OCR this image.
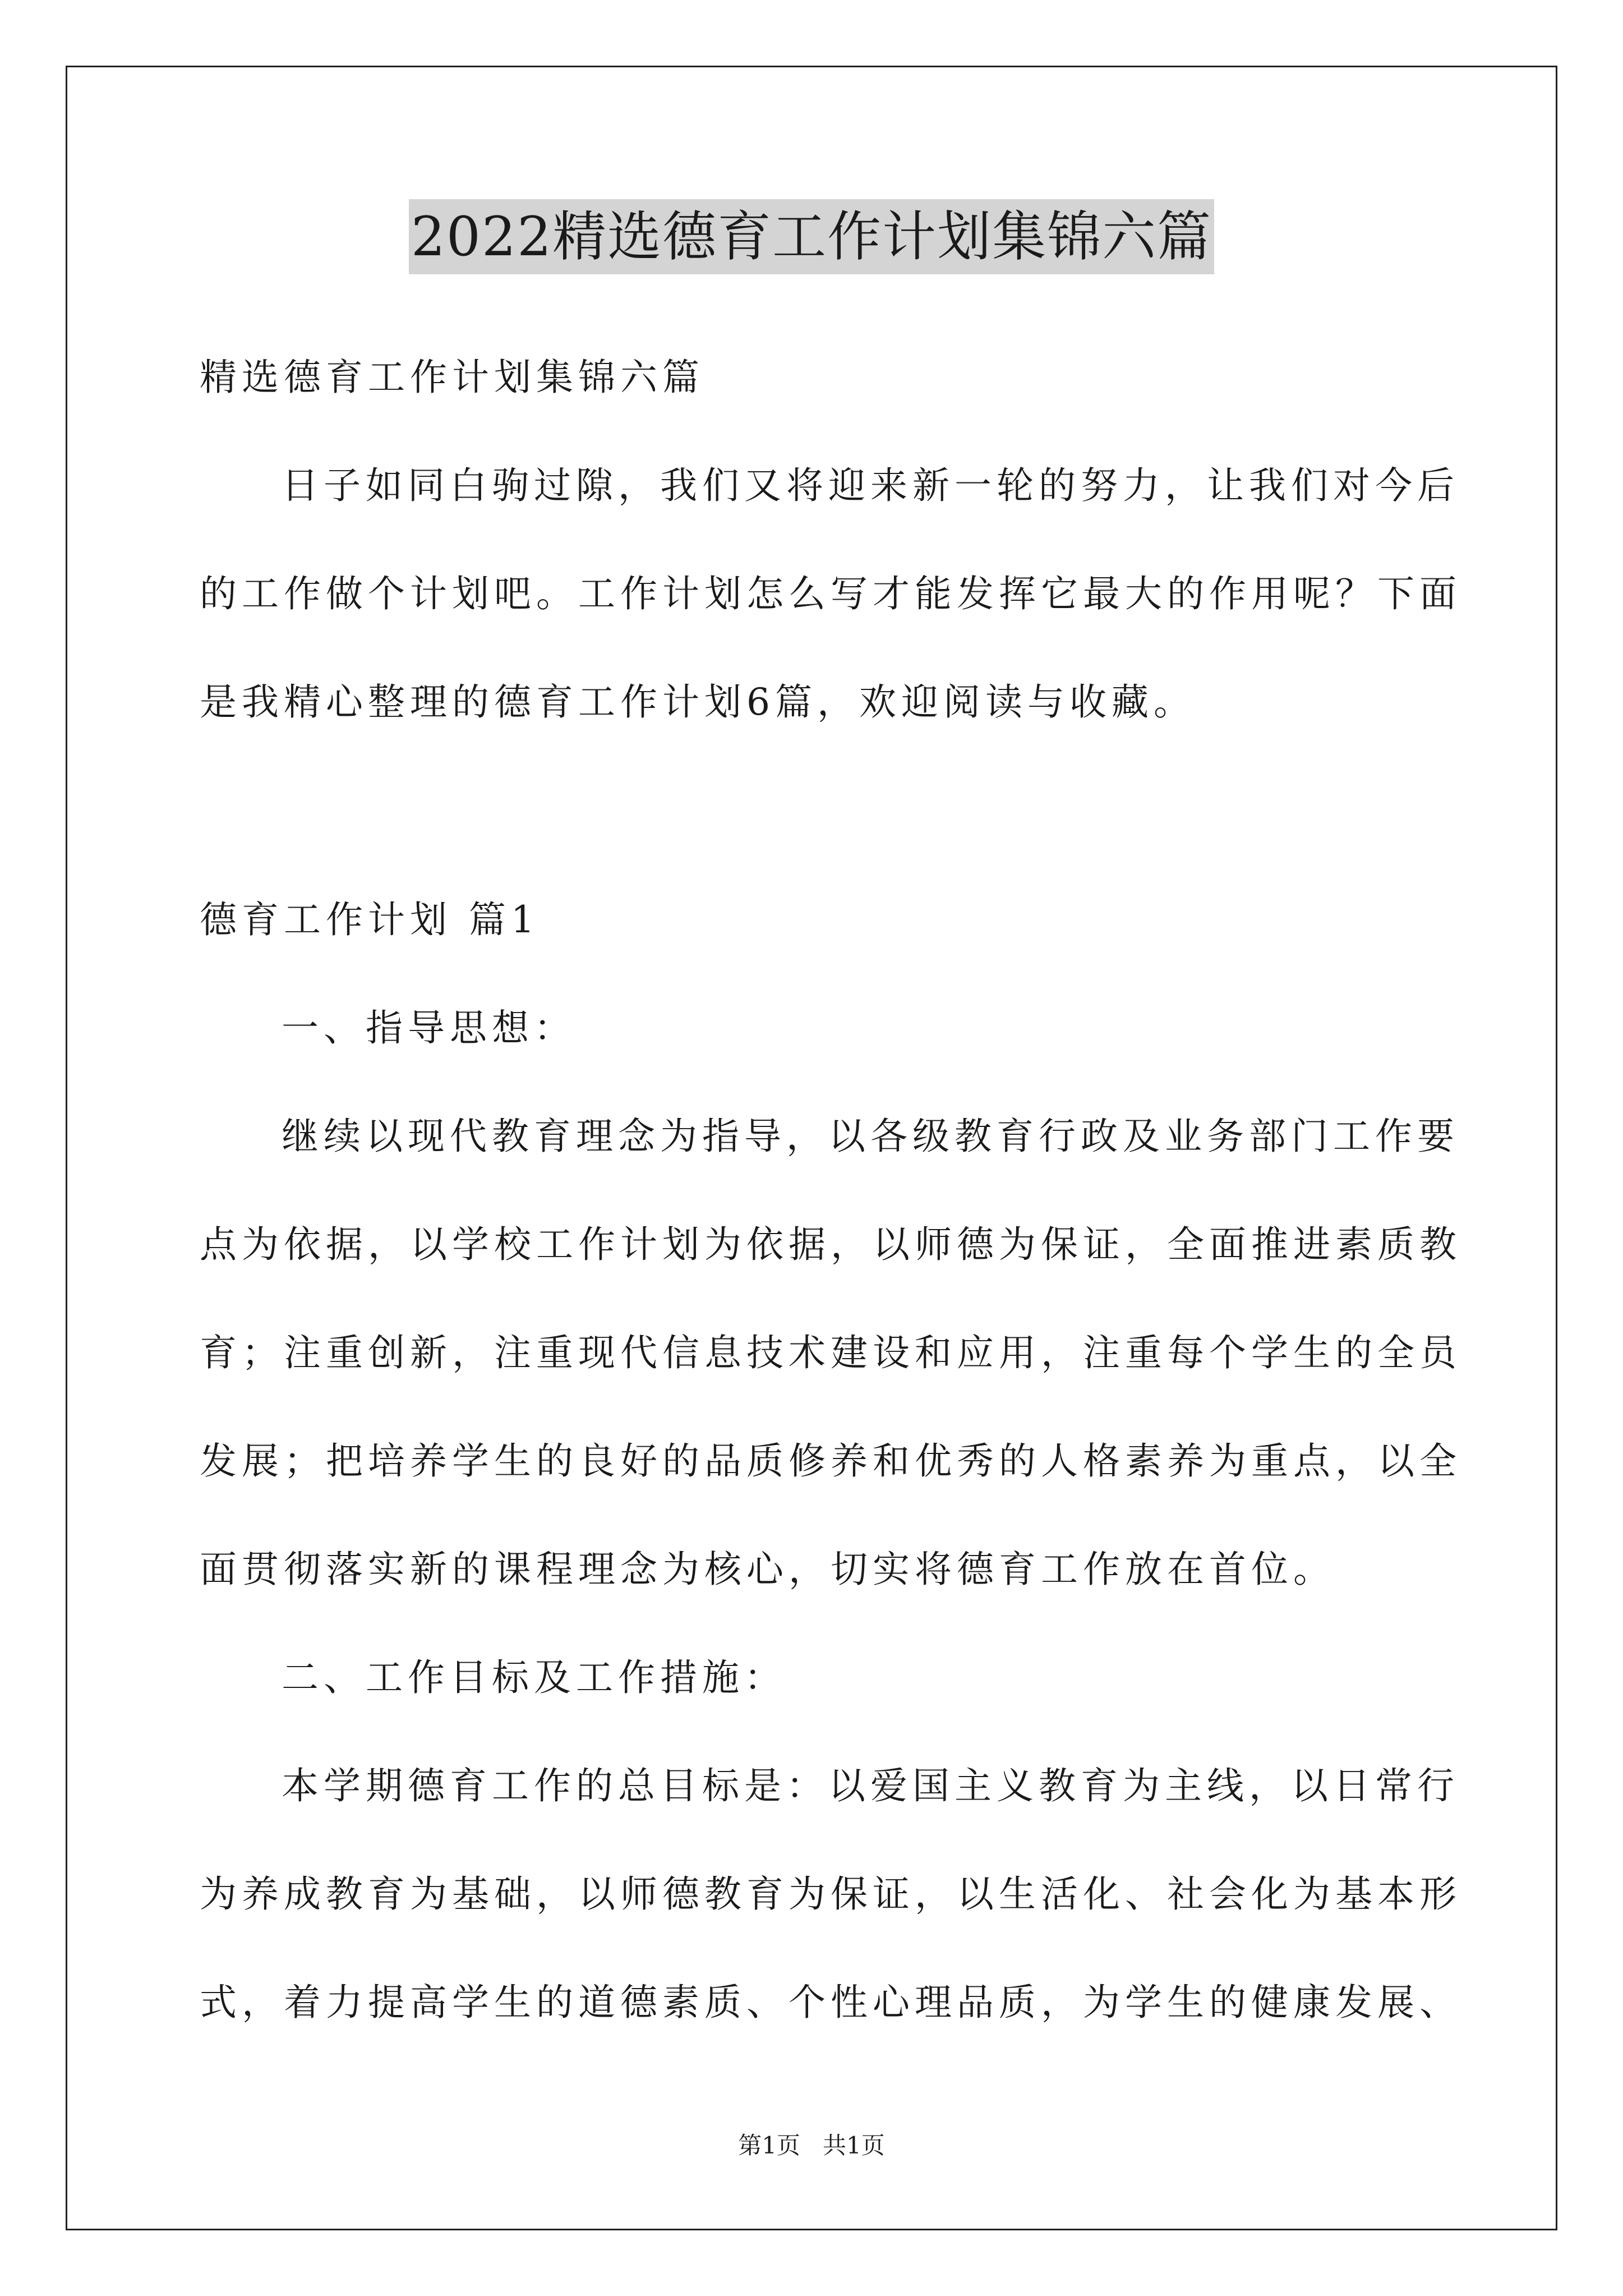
2022精选德育工作计划集锦六篇
精选德育工作计划集锦六篇
日子如同白驹过隙，我们又将迎来新一轮的努力，让我们对今后
的工作做个计划吧。工作计划怎么写才能发挥它最大的作用呢？下面
是我精心整理的德育工作计划6篇，欢迎阅读与收藏。
德育工作计划 篇1
一、指导思想：
继续以现代教育理念为指导，以各级教育行政及业务部门工作要
点为依据，以学校工作计划为依据，以师德为保证，全面推进素质教
育；注重创新，注重现代信息技术建设和应用，注重每个学生的全员
发展；把培养学生的良好的品质修养和优秀的人格素养为重点，以全
面贯彻落实新的课程理念为核心，切实将德育工作放在首位。
二、工作目标及工作措施：
本学期德育工作的总目标是：以爱国主义教育为主线，以日常行
为养成教育为基础，以师德教育为保证，以生活化、社会化为基本形
式，着力提高学生的道德素质、个性心理品质，为学生的健康发展、
第1页   共1页
